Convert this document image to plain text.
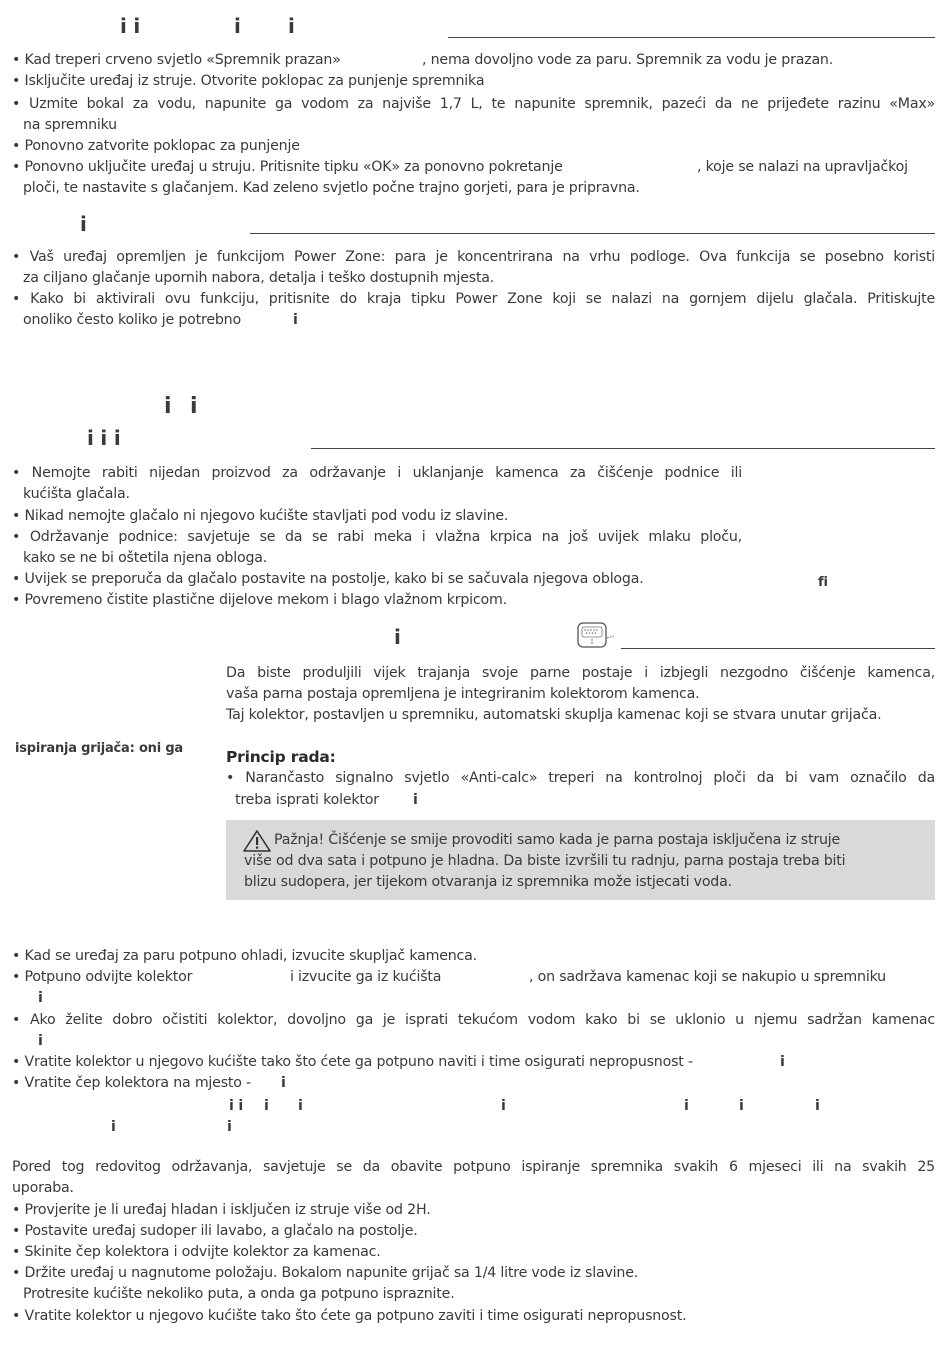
i i	i i
• Kad treperi crveno svjetlo «Spremnik prazan»	, nema dovoljno vode za paru. Spremnik za vodu je prazan.
• Isključite uređaj iz struje. Otvorite poklopac za punjenje spremnika
• Uzmite bokal za vodu, napunite ga vodom za najviše 1,7 L, te napunite spremnik, pazeći da ne prijeđete razinu «Max»
na spremniku
• Ponovno zatvorite poklopac za punjenje
• Ponovno uključite uređaj u struju. Pritisnite tipku «OK» za ponovno pokretanje	, koje se nalazi na upravljačkoj
ploči, te nastavite s glačanjem. Kad zeleno svjetlo počne trajno gorjeti, para je pripravna.
i
• Vaš uređaj opremljen je funkcijom Power Zone: para je koncentrirana na vrhu podloge. Ova funkcija se posebno koristi
za ciljano glačanje upornih nabora, detalja i teško dostupnih mjesta.
• Kako bi aktivirali ovu funkciju, pritisnite do kraja tipku Power Zone koji se nalazi na gornjem dijelu glačala. Pritiskujte
onoliko često koliko je potrebno	i
i i
i i i
• Nemojte rabiti nijedan proizvod za održavanje i uklanjanje kamenca za čišćenje podnice ili
kućišta glačala.
• Nikad nemojte glačalo ni njegovo kućište stavljati pod vodu iz slavine.
• Održavanje podnice: savjetuje se da se rabi meka i vlažna krpica na još uvijek mlaku ploču,
kako se ne bi oštetila njena obloga.
• Uvijek se preporuča da glačalo postavite na postolje, kako bi se sačuvala njegova obloga.	fi
• Povremeno čistite plastične dijelove mekom i blago vlažnom krpicom.
i
ispiranja grijača: oni ga
Da biste produljili vijek trajanja svoje parne postaje i izbjegli nezgodno čišćenje kamenca,
vaša parna postaja opremljena je integriranim kolektorom kamenca.
Taj kolektor, postavljen u spremniku, automatski skuplja kamenac koji se stvara unutar grijača.
Princip rada:
• Narančasto signalno svjetlo «Anti-calc» treperi na kontrolnoj ploči da bi vam označilo da
treba isprati kolektor i
Pažnja! Čišćenje se smije provoditi samo kada je parna postaja isključena iz struje
više od dva sata i potpuno je hladna. Da biste izvršili tu radnju, parna postaja treba biti
blizu sudopera, jer tijekom otvaranja iz spremnika može istjecati voda.
• Kad se uređaj za paru potpuno ohladi, izvucite skupljač kamenca.
• Potpuno odvijte kolektor	i izvucite ga iz kućišta	, on sadržava kamenac koji se nakupio u spremniku
i
• Ako želite dobro očistiti kolektor, dovoljno ga je isprati tekućom vodom kako bi se uklonio u njemu sadržan kamenac
i
• Vratite kolektor u njegovo kućište tako što ćete ga potpuno naviti i time osigurati nepropusnost -	i
• Vratite čep kolektora na mjesto - i
i i i i	i	i	i	i
i	i
Pored tog redovitog održavanja, savjetuje se da obavite potpuno ispiranje spremnika svakih 6 mjeseci ili na svakih 25
uporaba.
• Provjerite je li uređaj hladan i isključen iz struje više od 2H.
• Postavite uređaj sudoper ili lavabo, a glačalo na postolje.
• Skinite čep kolektora i odvijte kolektor za kamenac.
• Držite uređaj u nagnutome položaju. Bokalom napunite grijač sa 1/4 litre vode iz slavine.
Protresite kućište nekoliko puta, a onda ga potpuno ispraznite.
• Vratite kolektor u njegovo kućište tako što ćete ga potpuno zaviti i time osigurati nepropusnost.
